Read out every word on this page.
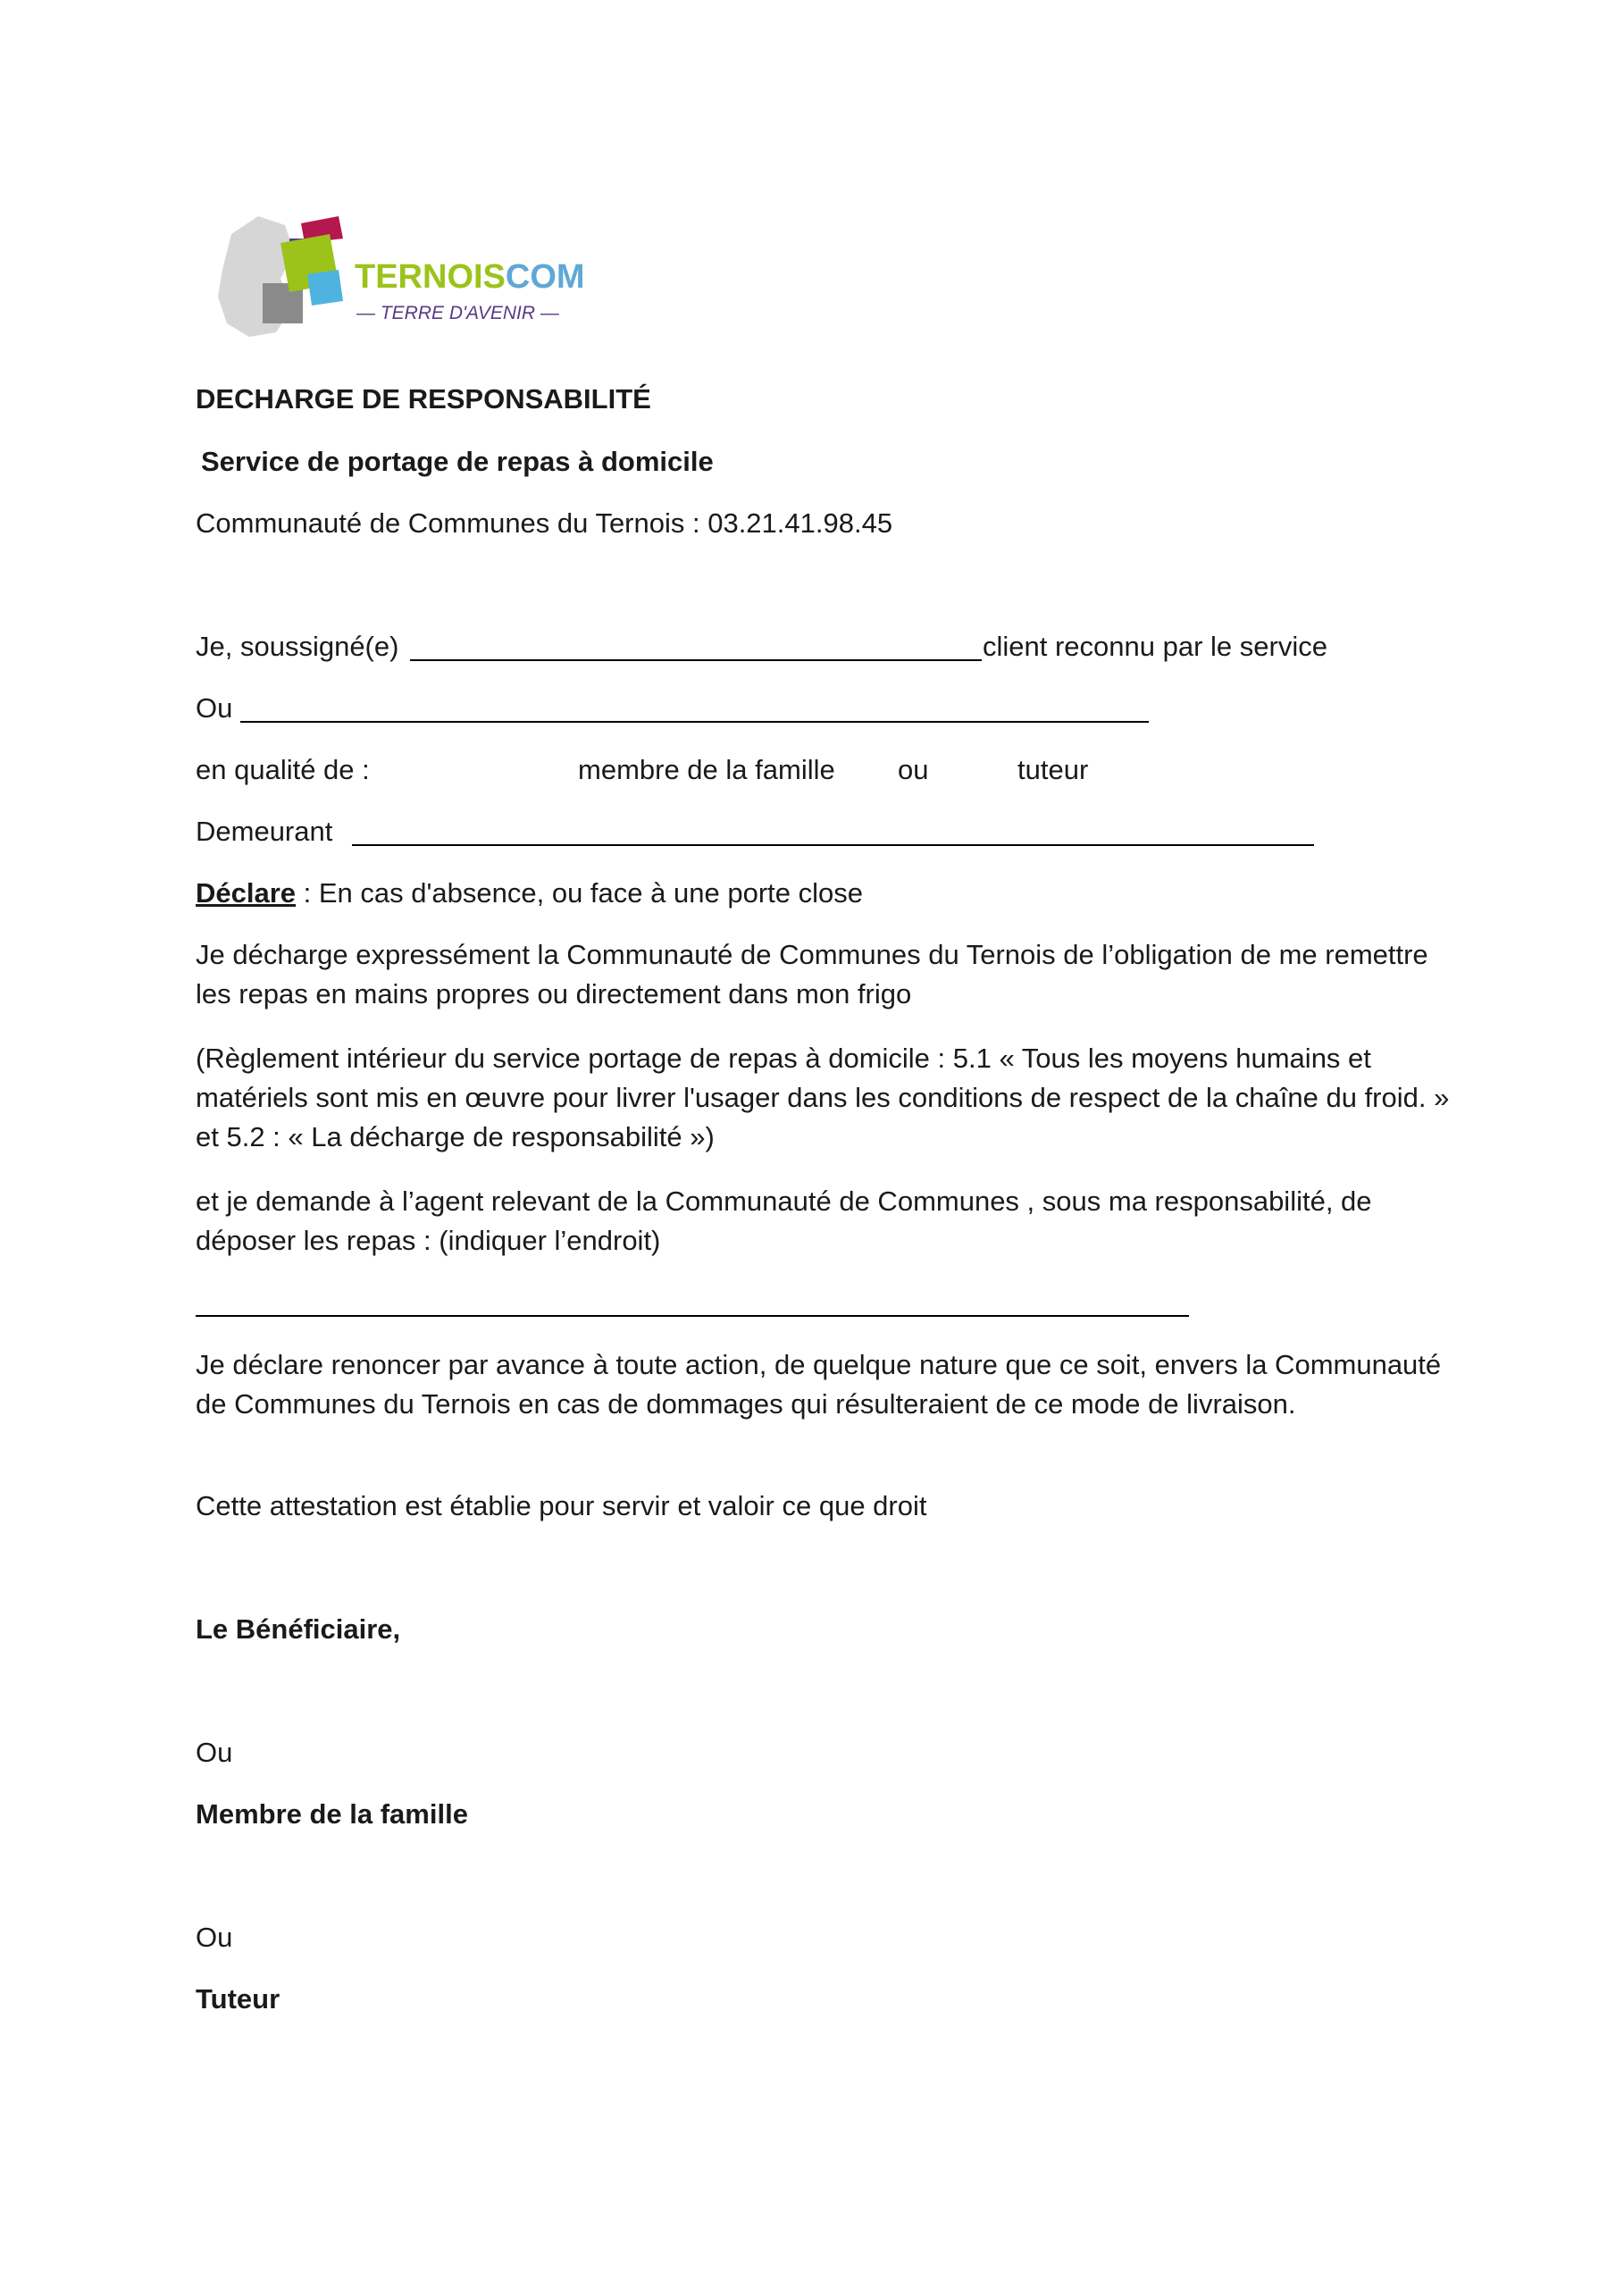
TERNOISCOM
— TERRE D'AVENIR —
DECHARGE DE RESPONSABILITÉ
Service de portage de repas à domicile
Communauté de Communes du Ternois : 03.21.41.98.45
Je, soussigné(e)	client reconnu par le service
Ou
en qualité de :	membre de la famille ou	tuteur
Demeurant
Déclare : En cas d'absence, ou face à une porte close
Je décharge expressément la Communauté de Communes du Ternois de l’obligation de me remettre les repas en mains propres ou directement dans mon frigo
(Règlement intérieur du service portage de repas à domicile : 5.1 « Tous les moyens humains et matériels sont mis en œuvre pour livrer l'usager dans les conditions de respect de la chaîne du froid. » et 5.2 : « La décharge de responsabilité »)
et je demande à l’agent relevant de la Communauté de Communes , sous ma responsabilité, de déposer les repas : (indiquer l’endroit)
Je déclare renoncer par avance à toute action, de quelque nature que ce soit, envers la Communauté de Communes du Ternois en cas de dommages qui résulteraient de ce mode de livraison.
Cette attestation est établie pour servir et valoir ce que droit
Le Bénéficiaire,
Ou
Membre de la famille
Ou
Tuteur
